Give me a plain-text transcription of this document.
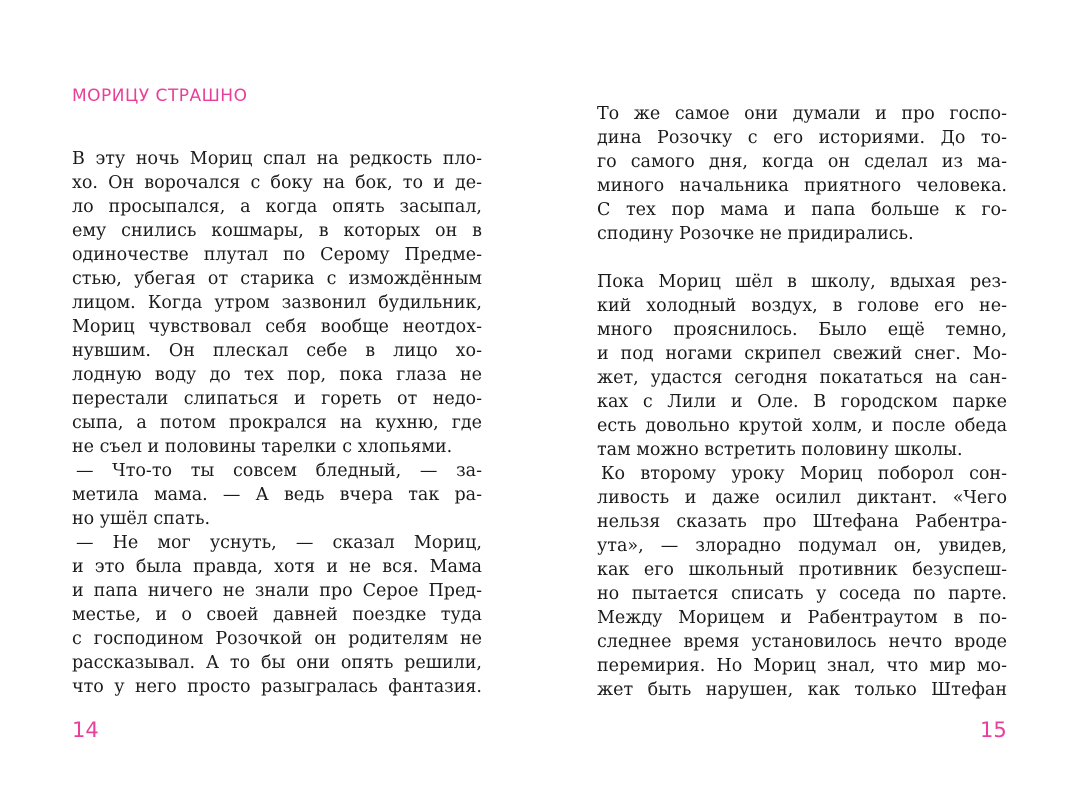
МОРИЦУ СТРАШНО
В эту ночь Мориц спал на редкость пло-
хо. Он ворочался с боку на бок, то и де-
ло просыпался, а когда опять засыпал,
ему снились кошмары, в которых он в
одиночестве плутал по Серому Предме-
стью, убегая от старика с измождённым
лицом. Когда утром зазвонил будильник,
Мориц чувствовал себя вообще неотдох-
нувшим. Он плескал себе в лицо хо-
лодную воду до тех пор, пока глаза не
перестали слипаться и гореть от недо-
сыпа, а потом прокрался на кухню, где
не съел и половины тарелки с хлопьями.
— Что-то ты совсем бледный, — за-
метила мама. — А ведь вчера так ра-
но ушёл спать.
— Не мог уснуть, — сказал Мориц,
и это была правда, хотя и не вся. Мама
и папа ничего не знали про Серое Пред-
местье, и о своей давней поездке туда
с господином Розочкой он родителям не
рассказывал. А то бы они опять решили,
что у него просто разыгралась фантазия.
14
То же самое они думали и про госпо-
дина Розочку с его историями. До то-
го самого дня, когда он сделал из ма-
миного начальника приятного человека.
С тех пор мама и папа больше к го-
сподину Розочке не придирались.
Пока Мориц шёл в школу, вдыхая рез-
кий холодный воздух, в голове его не-
много прояснилось. Было ещё темно,
и под ногами скрипел свежий снег. Мо-
жет, удастся сегодня покататься на сан-
ках с Лили и Оле. В городском парке
есть довольно крутой холм, и после обеда
там можно встретить половину школы.
Ко второму уроку Мориц поборол сон-
ливость и даже осилил диктант. «Чего
нельзя сказать про Штефана Рабентра-
ута», — злорадно подумал он, увидев,
как его школьный противник безуспеш-
но пытается списать у соседа по парте.
Между Морицем и Рабентраутом в по-
следнее время установилось нечто вроде
перемирия. Но Мориц знал, что мир мо-
жет быть нарушен, как только Штефан
15
